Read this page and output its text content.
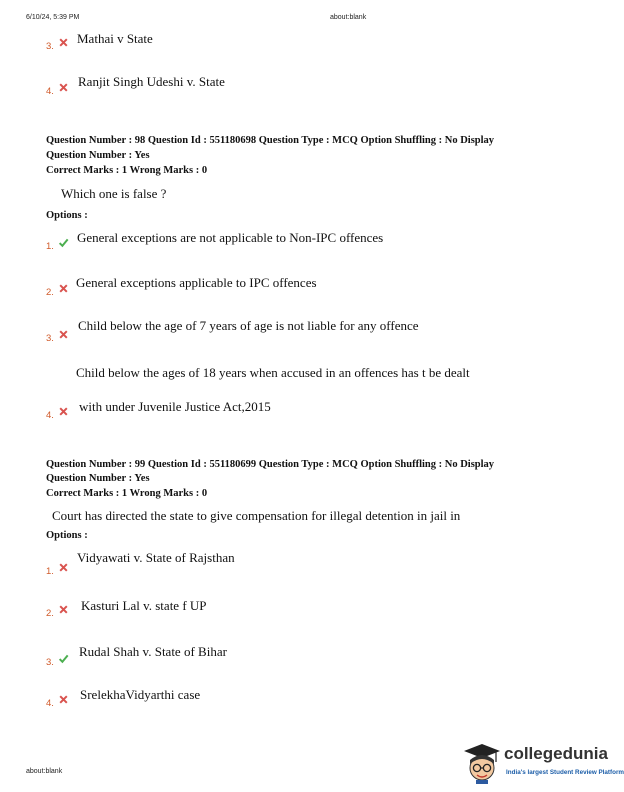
6/10/24, 5:39 PM	about:blank
3.
Mathai v State
4.
Ranjit Singh Udeshi v. State
Question Number : 98 Question Id : 551180698 Question Type : MCQ Option Shuffling : No Display
Question Number : Yes
Correct Marks : 1 Wrong Marks : 0
Which one is false ?
Options :
1.
General exceptions are not applicable to Non-IPC offences
2.
General exceptions applicable to IPC offences
3.
Child below the age of 7 years of age is not liable for any offence
Child below the ages of 18 years when accused in an offences has t be dealt
4.
with under Juvenile Justice Act,2015
Question Number : 99 Question Id : 551180699 Question Type : MCQ Option Shuffling : No Display
Question Number : Yes
Correct Marks : 1 Wrong Marks : 0
Court has directed the state to give compensation for illegal detention in jail in
Options :
1.
Vidyawati v. State of Rajsthan
2.
Kasturi Lal v. state f UP
3.
Rudal Shah v. State of Bihar
4.
SrelekhaVidyarthi case
about:blank
collegedunia
India's largest Student Review Platform
